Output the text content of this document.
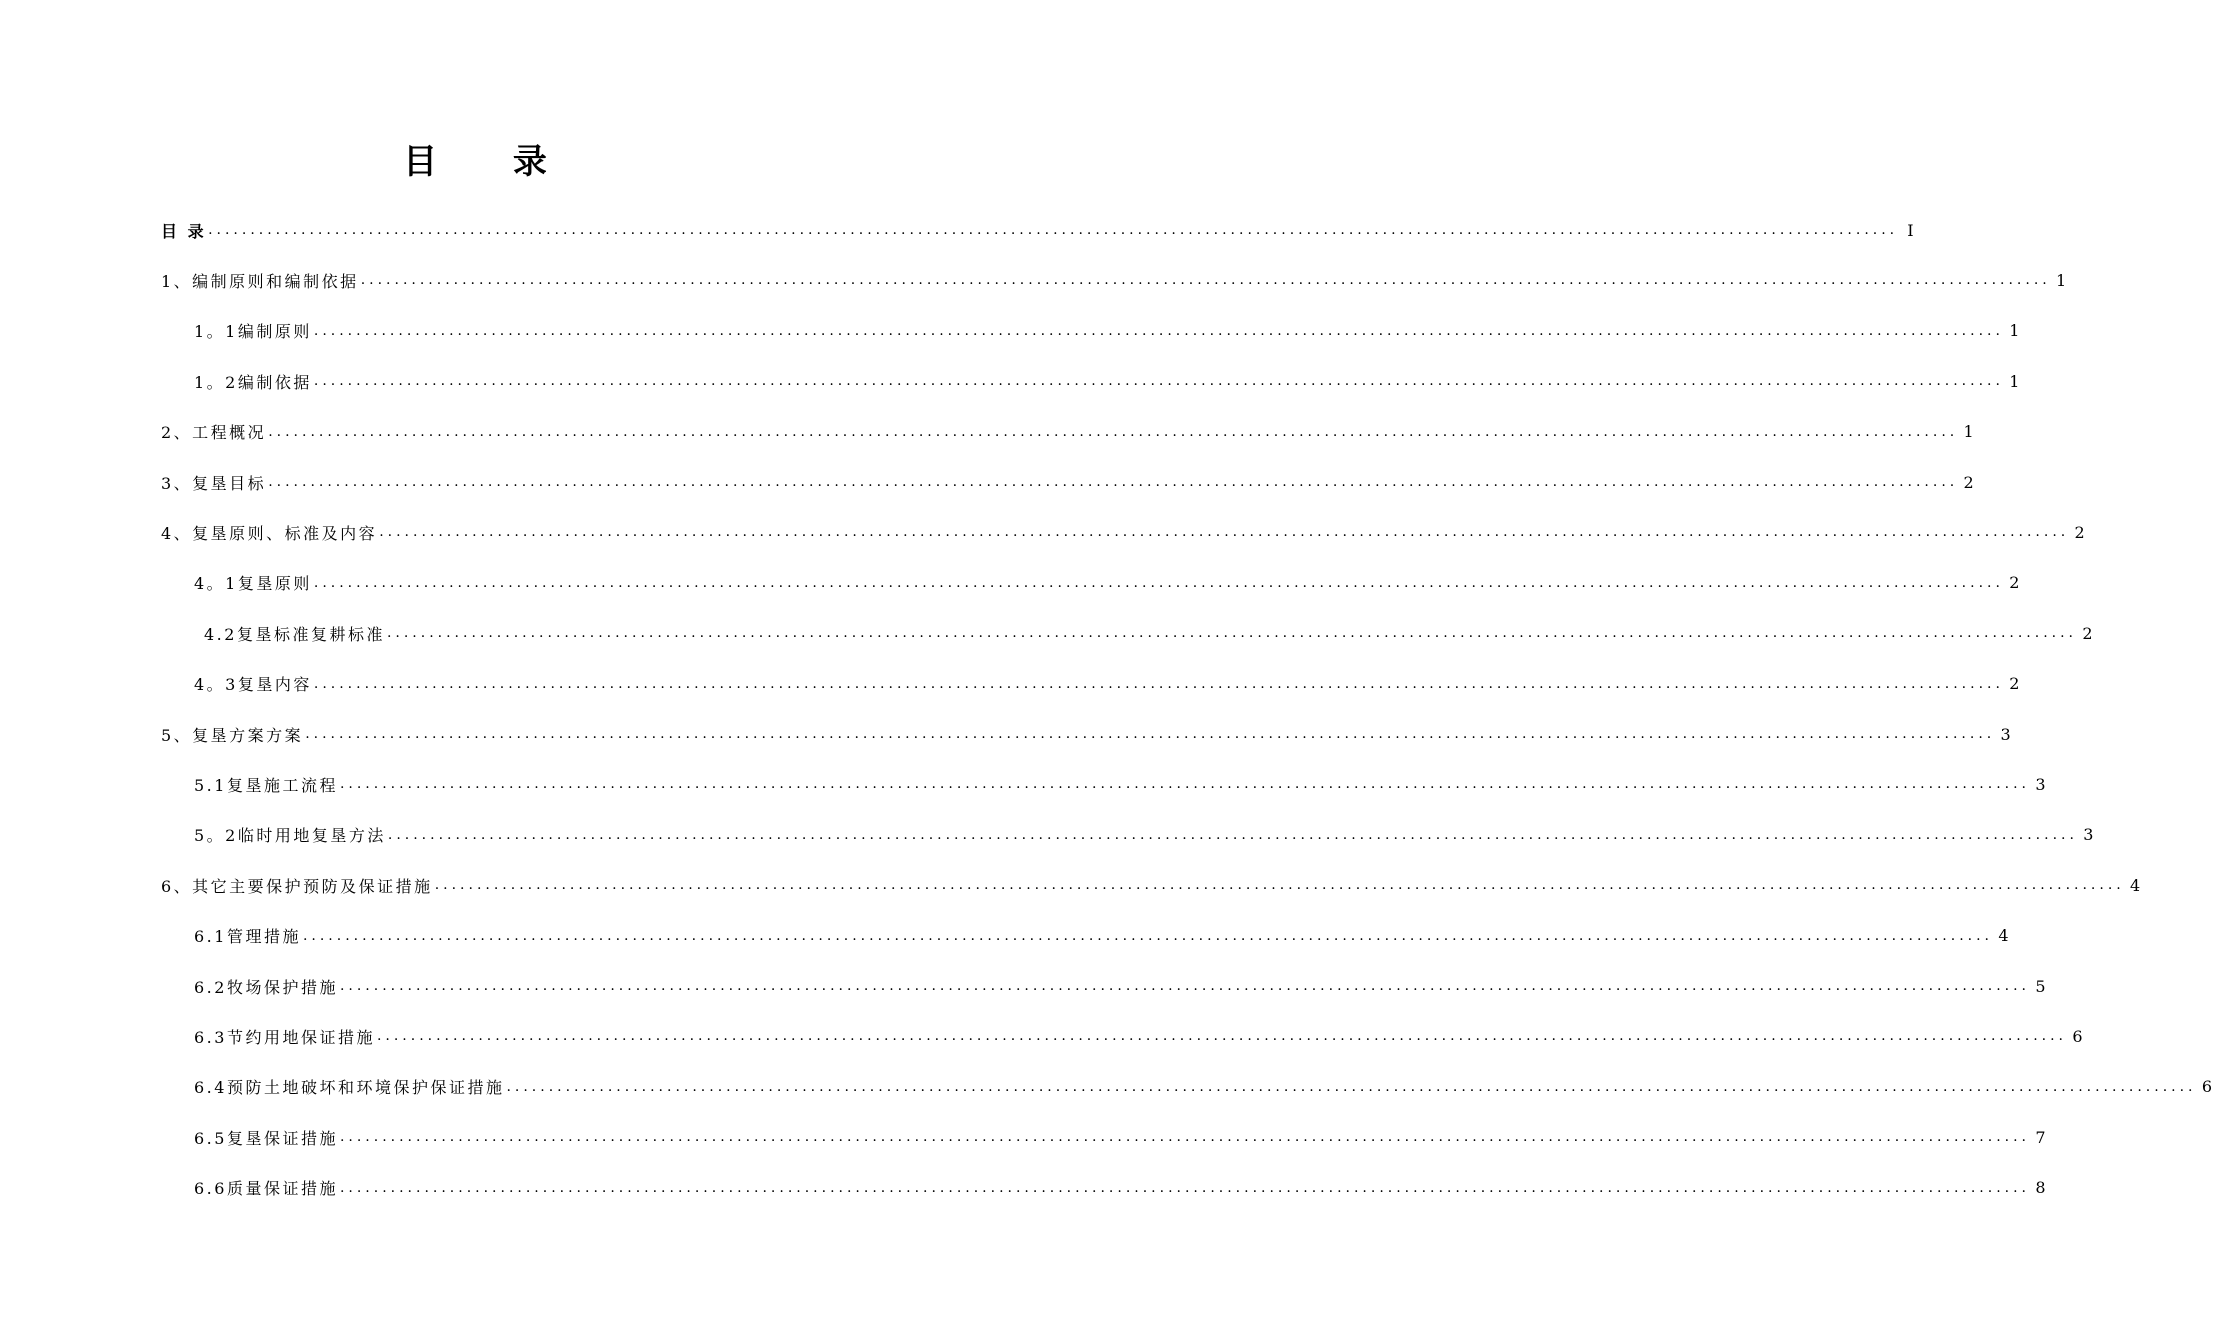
目 录
目 录 ........................................................................................................................................................................................................ I
1、编制原则和编制依据 ........................................................................................................................................................................................................ 1
1。1编制原则 ........................................................................................................................................................................................................ 1
1。2编制依据 ........................................................................................................................................................................................................ 1
2、工程概况 ........................................................................................................................................................................................................ 1
3、复垦目标 ........................................................................................................................................................................................................ 2
4、复垦原则、标准及内容 ........................................................................................................................................................................................................ 2
4。1复垦原则 ........................................................................................................................................................................................................ 2
4.2复垦标准复耕标准 ........................................................................................................................................................................................................ 2
4。3复垦内容 ........................................................................................................................................................................................................ 2
5、复垦方案方案 ........................................................................................................................................................................................................ 3
5.1复垦施工流程 ........................................................................................................................................................................................................ 3
5。2临时用地复垦方法 ........................................................................................................................................................................................................ 3
6、其它主要保护预防及保证措施 ........................................................................................................................................................................................................ 4
6.1管理措施 ........................................................................................................................................................................................................ 4
6.2牧场保护措施 ........................................................................................................................................................................................................ 5
6.3节约用地保证措施 ........................................................................................................................................................................................................ 6
6.4预防土地破坏和环境保护保证措施 ........................................................................................................................................................................................................ 6
6.5复垦保证措施 ........................................................................................................................................................................................................ 7
6.6质量保证措施 ........................................................................................................................................................................................................ 8
